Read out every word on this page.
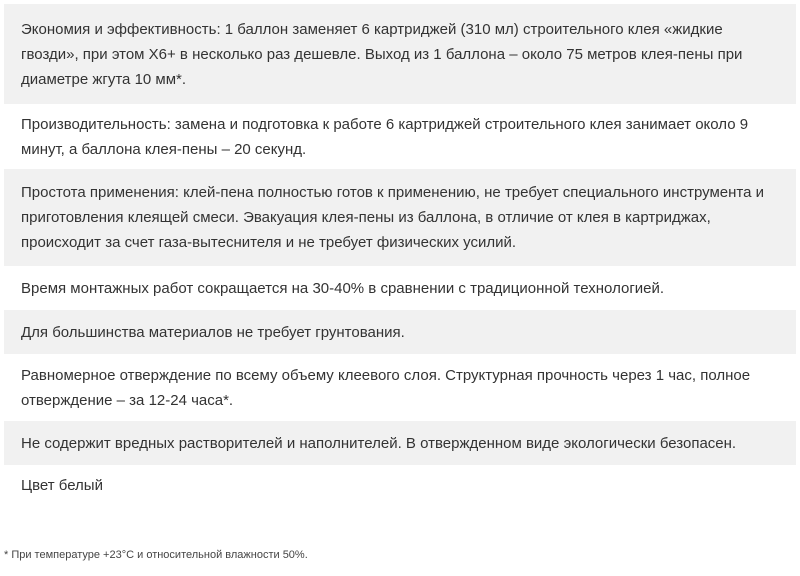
Экономия и эффективность: 1 баллон заменяет 6 картриджей (310 мл) строительного клея «жидкие гвозди», при этом Х6+ в несколько раз дешевле. Выход из 1 баллона – около 75 метров клея-пены при диаметре жгута 10 мм*.
Производительность: замена и подготовка к работе 6 картриджей строительного клея занимает около 9 минут, а баллона клея-пены – 20 секунд.
Простота применения: клей-пена полностью готов к применению, не требует специального инструмента и приготовления клеящей смеси. Эвакуация клея-пены из баллона, в отличие от клея в картриджах, происходит за счет газа-вытеснителя и не требует физических усилий.
Время монтажных работ сокращается на 30-40% в сравнении с традиционной технологией.
Для большинства материалов не требует грунтования.
Равномерное отверждение по всему объему клеевого слоя. Структурная прочность через 1 час, полное отверждение – за 12-24 часа*.
Не содержит вредных растворителей и наполнителей. В отвержденном виде экологически безопасен.
Цвет белый
* При температуре +23°С и относительной влажности 50%.
